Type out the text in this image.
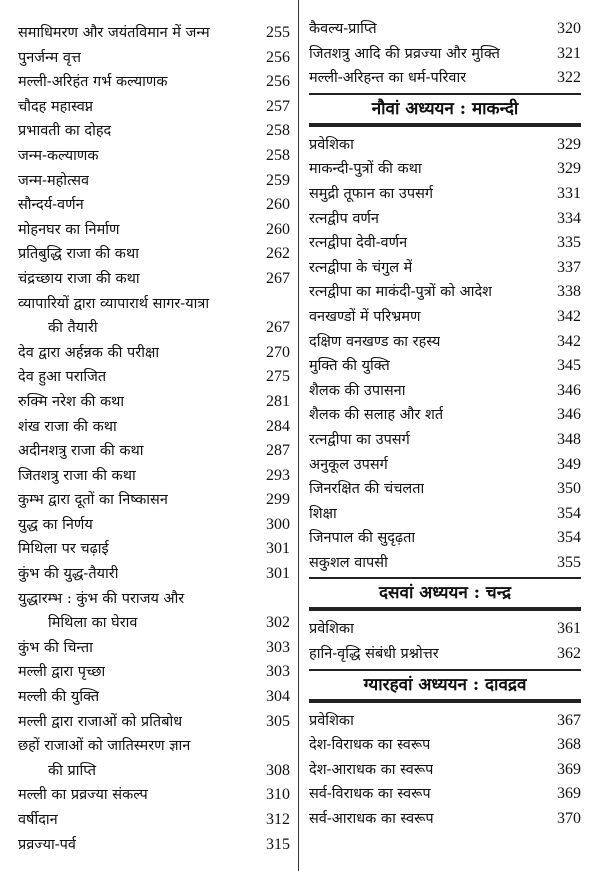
समाधिमरण और जयंतविमान में जन्म	255
पुनर्जन्म वृत्त	256
मल्ली-अरिहंत गर्भ कल्याणक	256
चौदह महास्वप्न	257
प्रभावती का दोहद	258
जन्म-कल्याणक	258
जन्म-महोत्सव	259
सौन्दर्य-वर्णन	260
मोहनघर का निर्माण	260
प्रतिबुद्धि राजा की कथा	262
चंद्रच्छाय राजा की कथा	267
व्यापारियों द्वारा व्यापारार्थ सागर-यात्रा
की तैयारी	267
देव द्वारा अर्हन्नक की परीक्षा	270
देव हुआ पराजित	275
रुक्मि नरेश की कथा	281
शंख राजा की कथा	284
अदीनशत्रु राजा की कथा	287
जितशत्रु राजा की कथा	293
कुम्भ द्वारा दूतों का निष्कासन	299
युद्ध का निर्णय	300
मिथिला पर चढ़ाई	301
कुंभ की युद्ध-तैयारी	301
युद्धारम्भ : कुंभ की पराजय और
मिथिला का घेराव	302
कुंभ की चिन्ता	303
मल्ली द्वारा पृच्छा	303
मल्ली की युक्ति	304
मल्ली द्वारा राजाओं को प्रतिबोध	305
छहों राजाओं को जातिस्मरण ज्ञान
की प्राप्ति	308
मल्ली का प्रव्रज्या संकल्प	310
वर्षीदान	312
प्रव्रज्या-पर्व	315
कैवल्य-प्राप्ति	320
जितशत्रु आदि की प्रव्रज्या और मुक्ति	321
मल्ली-अरिहन्त का धर्म-परिवार	322
नौवां अध्ययन : माकन्दी
प्रवेशिका	329
माकन्दी-पुत्रों की कथा	329
समुद्री तूफान का उपसर्ग	331
रत्नद्वीप वर्णन	334
रत्नद्वीपा देवी-वर्णन	335
रत्नद्वीपा के चंगुल में	337
रत्नद्वीपा का माकंदी-पुत्रों को आदेश	338
वनखण्डों में परिभ्रमण	342
दक्षिण वनखण्ड का रहस्य	342
मुक्ति की युक्ति	345
शैलक की उपासना	346
शैलक की सलाह और शर्त	346
रत्नद्वीपा का उपसर्ग	348
अनुकूल उपसर्ग	349
जिनरक्षित की चंचलता	350
शिक्षा	354
जिनपाल की सुदृढ़ता	354
सकुशल वापसी	355
दसवां अध्ययन : चन्द्र
प्रवेशिका	361
हानि-वृद्धि संबंधी प्रश्नोत्तर	362
ग्यारहवां अध्ययन : दावद्रव
प्रवेशिका	367
देश-विराधक का स्वरूप	368
देश-आराधक का स्वरूप	369
सर्व-विराधक का स्वरूप	369
सर्व-आराधक का स्वरूप	370
